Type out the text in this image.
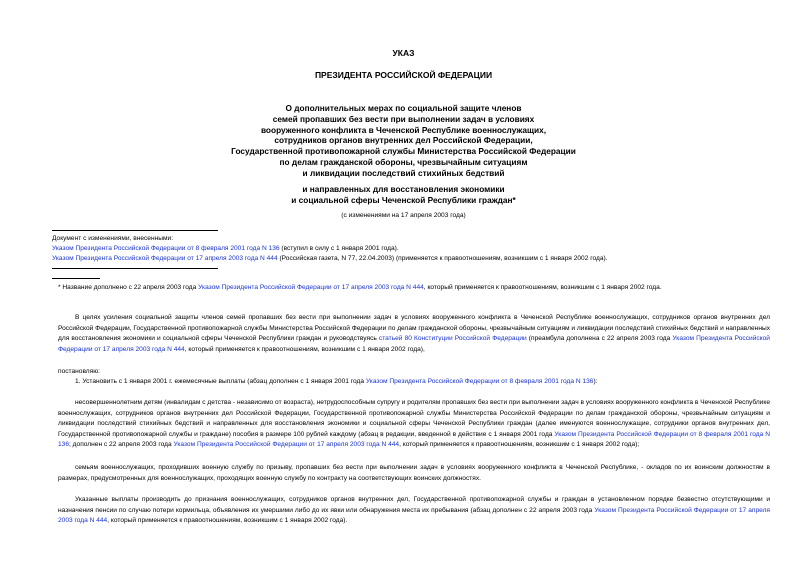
УКАЗ
ПРЕЗИДЕНТА РОССИЙСКОЙ ФЕДЕРАЦИИ
О дополнительных мерах по социальной защите членов
семей пропавших без вести при выполнении задач в условиях
вооруженного конфликта в Чеченской Республике военнослужащих,
сотрудников органов внутренних дел Российской Федерации,
Государственной противопожарной службы Министерства Российской Федерации
по делам гражданской обороны, чрезвычайным ситуациям
и ликвидации последствий стихийных бедствий
и направленных для восстановления экономики
и социальной сферы Чеченской Республики граждан*
(с изменениями на 17 апреля 2003 года)
Документ с изменениями, внесенными:
Указом Президента Российской Федерации от 8 февраля 2001 года N 136 (вступил в силу с 1 января 2001 года).
Указом Президента Российской Федерации от 17 апреля 2003 года N 444 (Российская газета, N 77, 22.04.2003) (применяется к правоотношениям, возникшим с 1 января 2002 года).
* Название дополнено с 22 апреля 2003 года Указом Президента Российской Федерации от 17 апреля 2003 года N 444, который применяется к правоотношениям, возникшим с 1 января 2002 года.
В целях усиления социальной защиты членов семей пропавших без вести при выполнении задач в условиях вооруженного конфликта в Чеченской Республике военнослужащих, сотрудников органов внутренних дел Российской Федерации, Государственной противопожарной службы Министерства Российской Федерации по делам гражданской обороны, чрезвычайным ситуациям и ликвидации последствий стихийных бедствий и направленных для восстановления экономики и социальной сферы Чеченской Республики граждан и руководствуясь статьей 80 Конституции Российской Федерации (преамбула дополнена с 22 апреля 2003 года Указом Президента Российской Федерации от 17 апреля 2003 года N 444, который применяется к правоотношениям, возникшим с 1 января 2002 года),
постановляю:
1. Установить с 1 января 2001 г. ежемесячные выплаты (абзац дополнен с 1 января 2001 года Указом Президента Российской Федерации от 8 февраля 2001 года N 136):
несовершеннолетним детям (инвалидам с детства - независимо от возраста), нетрудоспособным супругу и родителям пропавших без вести при выполнении задач в условиях вооруженного конфликта в Чеченской Республике военнослужащих, сотрудников органов внутренних дел Российской Федерации, Государственной противопожарной службы Министерства Российской Федерации по делам гражданской обороны, чрезвычайным ситуациям и ликвидации последствий стихийных бедствий и направленных для восстановления экономики и социальной сферы Чеченской Республики граждан (далее именуются военнослужащие, сотрудники органов внутренних дел, Государственной противопожарной службы и граждане) пособия в размере 100 рублей каждому (абзац в редакции, введенной в действие с 1 января 2001 года Указом Президента Российской Федерации от 8 февраля 2001 года N 136; дополнен с 22 апреля 2003 года Указом Президента Российской Федерации от 17 апреля 2003 года N 444, который применяется к правоотношениям, возникшим с 1 января 2002 года);
семьям военнослужащих, проходивших военную службу по призыву, пропавших без вести при выполнении задач в условиях вооруженного конфликта в Чеченской Республике, - окладов по их воинским должностям в размерах, предусмотренных для военнослужащих, проходящих военную службу по контракту на соответствующих воинских должностях.
Указанные выплаты производить до признания военнослужащих, сотрудников органов внутренних дел, Государственной противопожарной службы и граждан в установленном порядке безвестно отсутствующими и назначения пенсии по случаю потери кормильца, объявления их умершими либо до их явки или обнаружения места их пребывания (абзац дополнен с 22 апреля 2003 года Указом Президента Российской Федерации от 17 апреля 2003 года N 444, который применяется к правоотношениям, возникшим с 1 января 2002 года).
